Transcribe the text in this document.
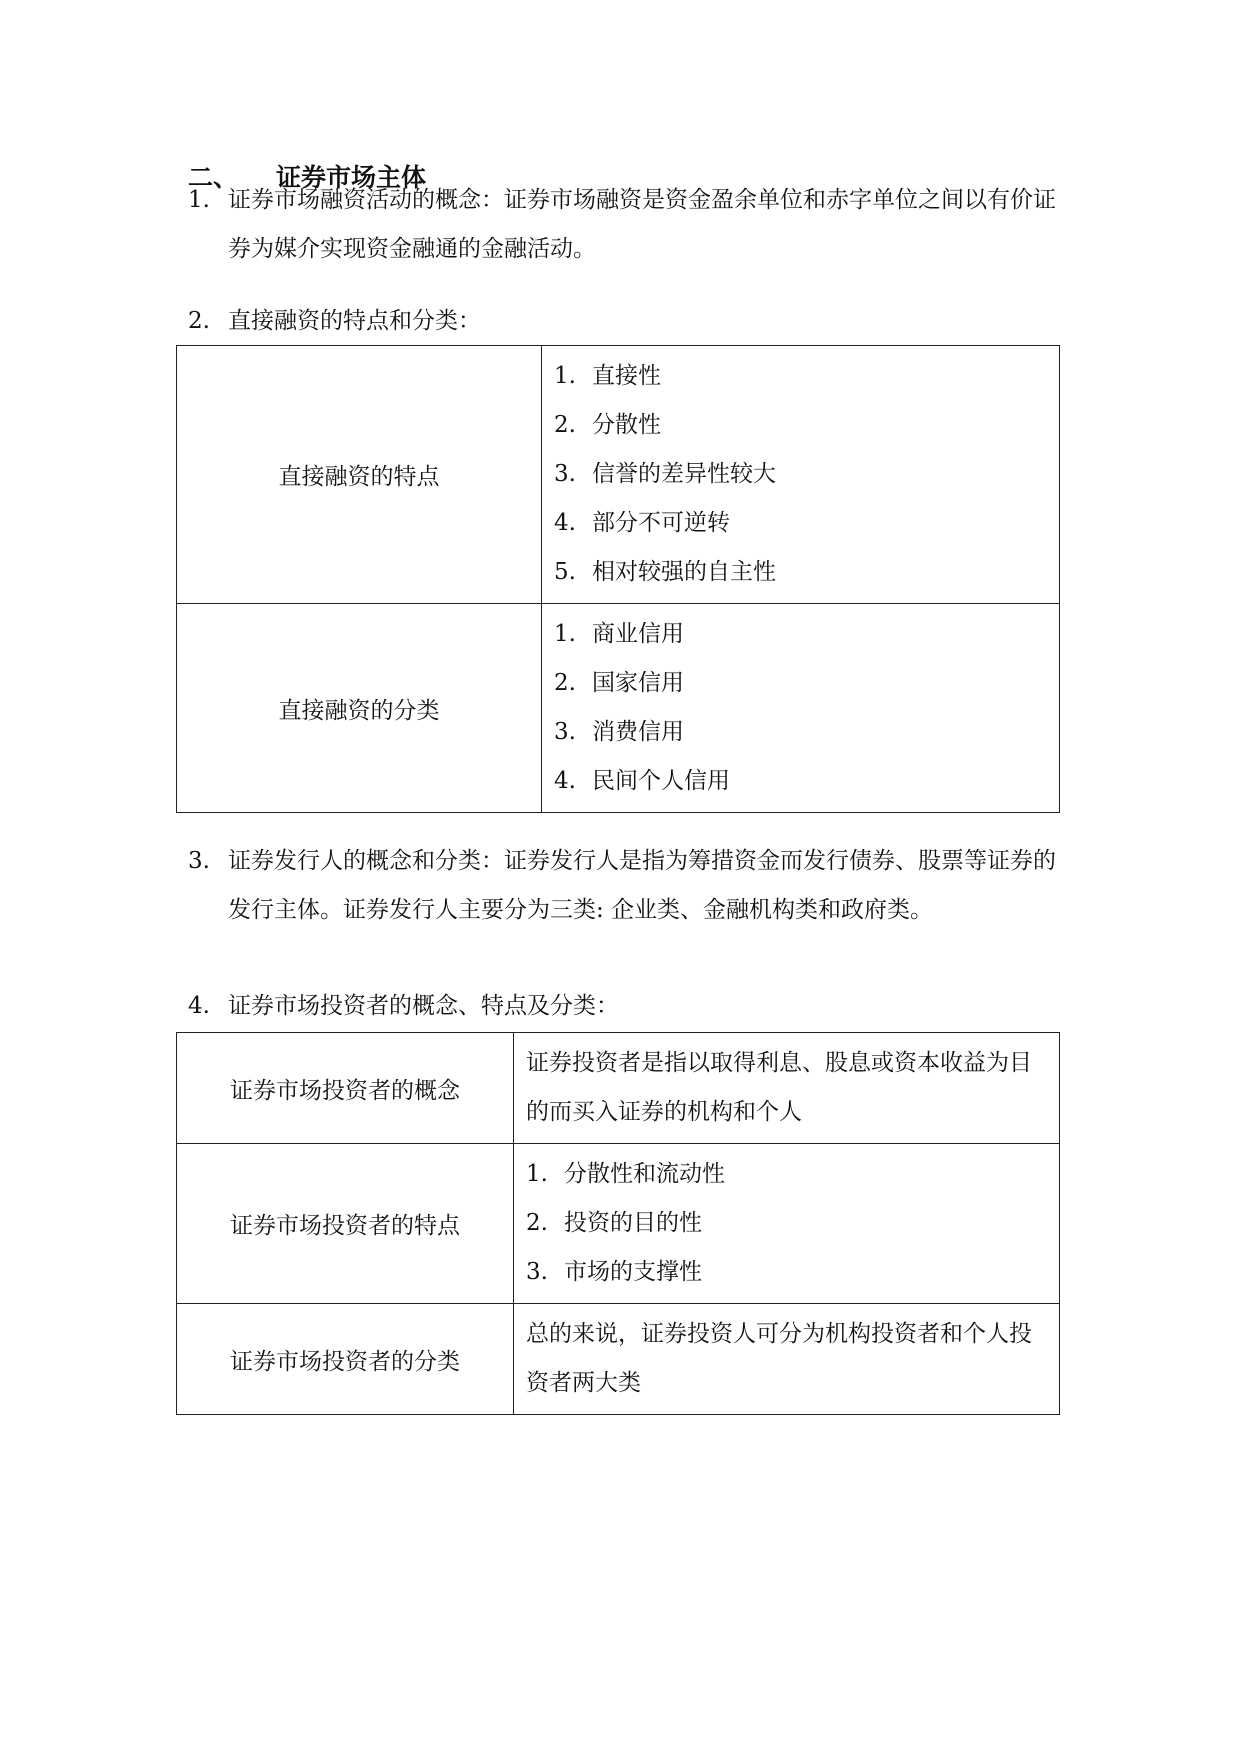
二、 证券市场主体
1. 证券市场融资活动的概念：证券市场融资是资金盈余单位和赤字单位之间以有价证券为媒介实现资金融通的金融活动。
2. 直接融资的特点和分类：
直接融资的特点	1. 直接性
2. 分散性
3. 信誉的差异性较大
4. 部分不可逆转
5. 相对较强的自主性

直接融资的分类	1. 商业信用
2. 国家信用
3. 消费信用
4. 民间个人信用
3. 证券发行人的概念和分类：证券发行人是指为筹措资金而发行债券、股票等证券的发行主体。证券发行人主要分为三类: 企业类、金融机构类和政府类。
4. 证券市场投资者的概念、特点及分类：
证券市场投资者的概念	证券投资者是指以取得利息、股息或资本收益为目的而买入证券的机构和个人

证券市场投资者的特点	1. 分散性和流动性
2. 投资的目的性
3. 市场的支撑性

证券市场投资者的分类	总的来说，证券投资人可分为机构投资者和个人投资者两大类
